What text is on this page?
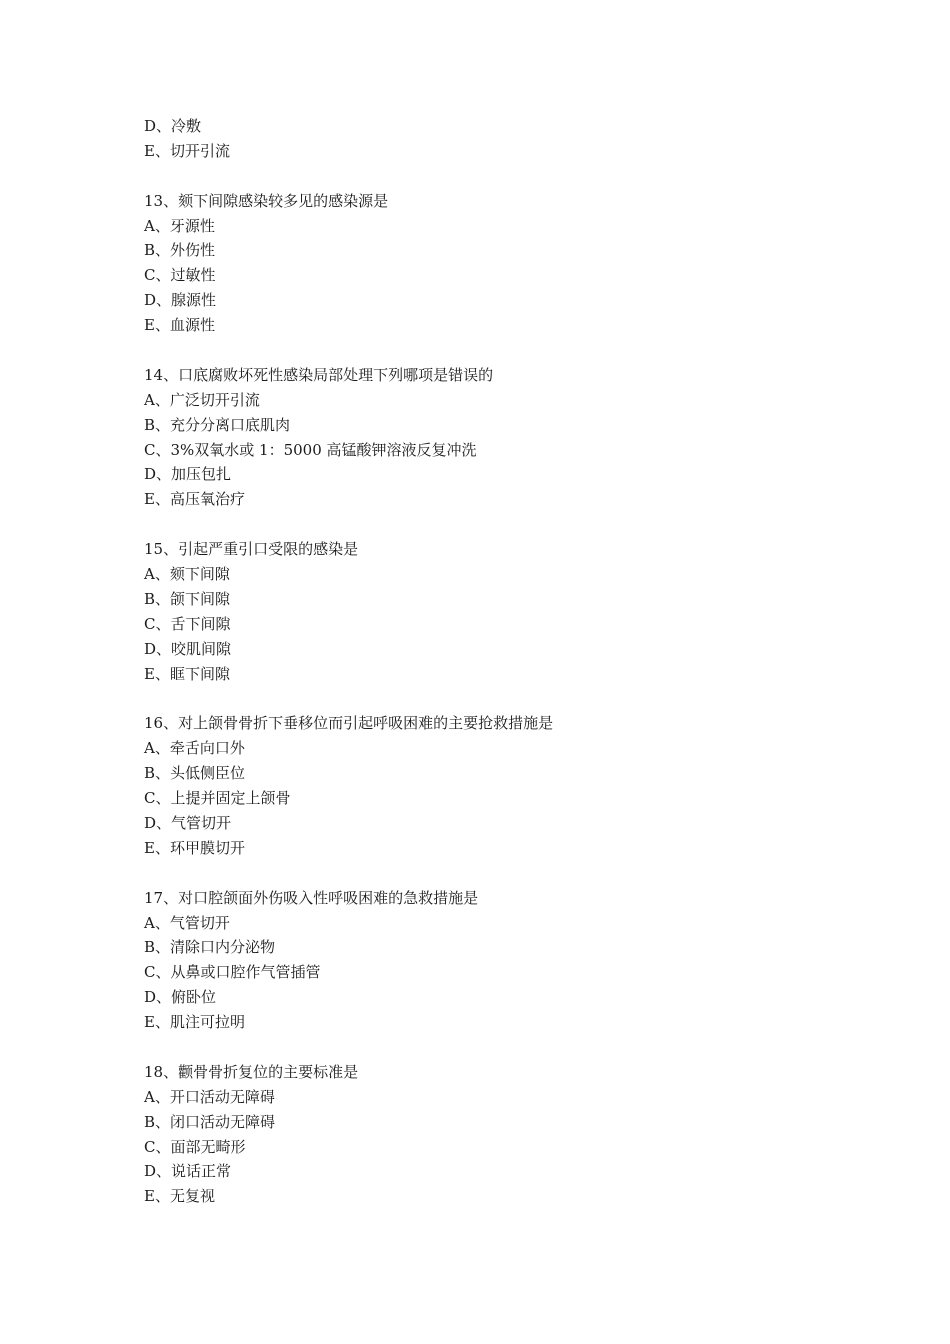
D、冷敷
E、切开引流
13、颏下间隙感染较多见的感染源是
A、牙源性
B、外伤性
C、过敏性
D、腺源性
E、血源性
14、口底腐败坏死性感染局部处理下列哪项是错误的
A、广泛切开引流
B、充分分离口底肌肉
C、3%双氧水或 1：5000 高锰酸钾溶液反复冲洗
D、加压包扎
E、高压氧治疗
15、引起严重引口受限的感染是
A、颏下间隙
B、颌下间隙
C、舌下间隙
D、咬肌间隙
E、眶下间隙
16、对上颌骨骨折下垂移位而引起呼吸困难的主要抢救措施是
A、牵舌向口外
B、头低侧臣位
C、上提并固定上颌骨
D、气管切开
E、环甲膜切开
17、对口腔颌面外伤吸入性呼吸困难的急救措施是
A、气管切开
B、清除口内分泌物
C、从鼻或口腔作气管插管
D、俯卧位
E、肌注可拉明
18、颧骨骨折复位的主要标准是
A、开口活动无障碍
B、闭口活动无障碍
C、面部无畸形
D、说话正常
E、无复视
